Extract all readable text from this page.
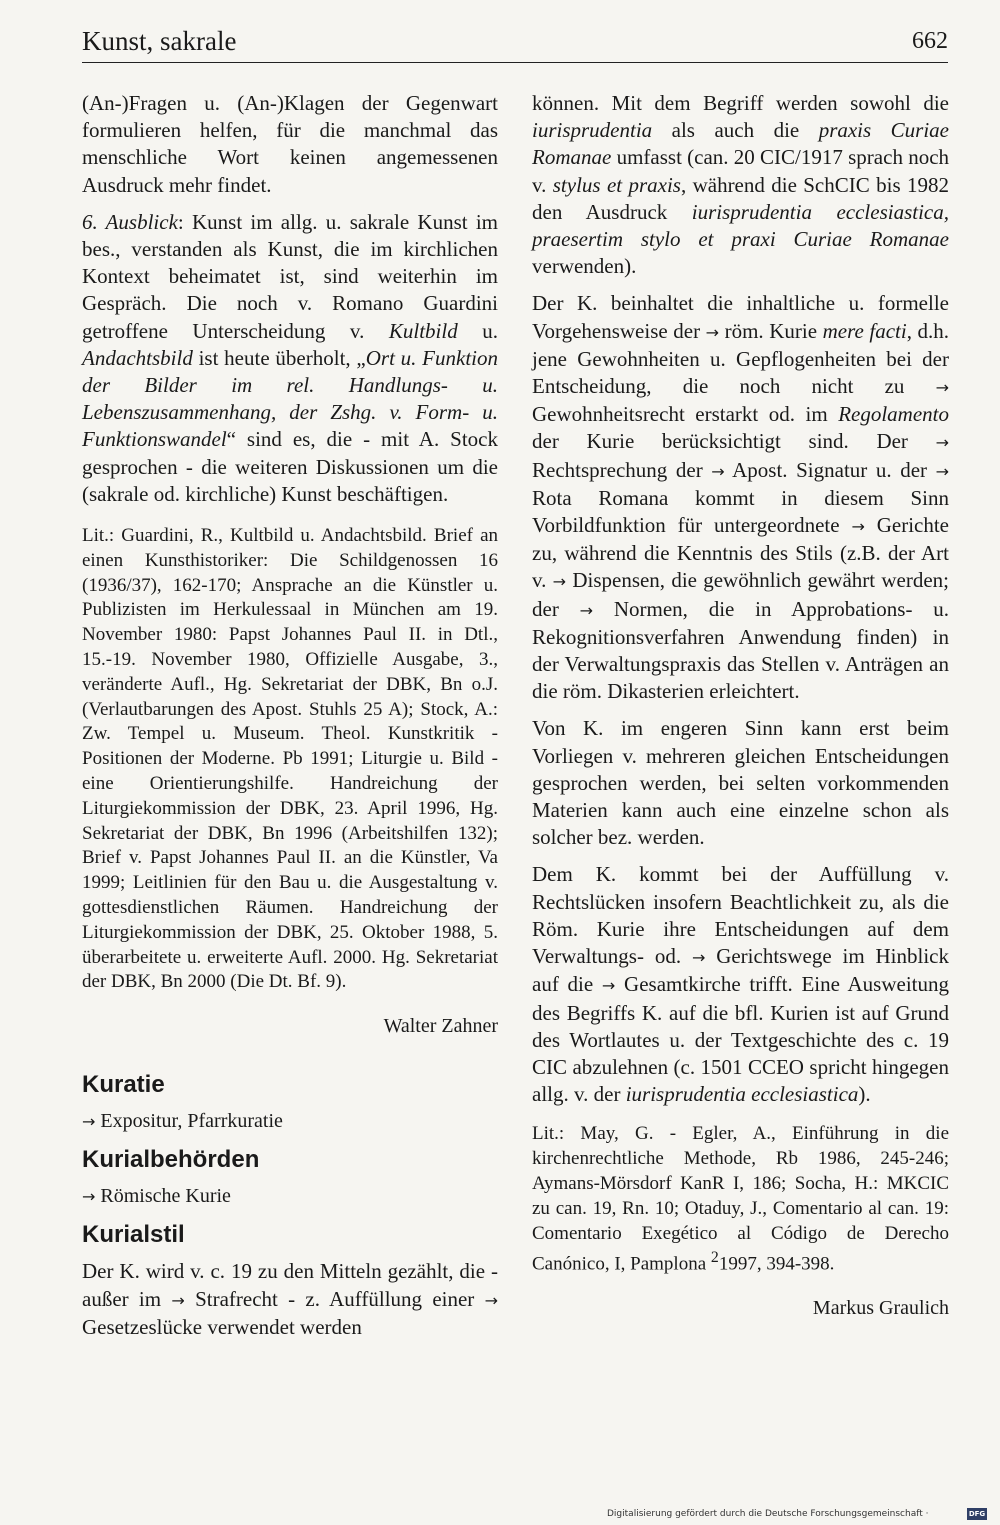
Kunst, sakrale	662

(An-)Fragen u. (An-)Klagen der Gegenwart formulieren helfen, für die manchmal das menschliche Wort keinen angemessenen Ausdruck mehr findet.

6. Ausblick: Kunst im allg. u. sakrale Kunst im bes., verstanden als Kunst, die im kirchlichen Kontext beheimatet ist, sind weiterhin im Gespräch. Die noch v. Romano Guardini getroffene Unterscheidung v. Kultbild u. Andachtsbild ist heute überholt, „Ort u. Funktion der Bilder im rel. Handlungs- u. Lebenszusammenhang, der Zshg. v. Form- u. Funktionswandel“ sind es, die - mit A. Stock gesprochen - die weiteren Diskussionen um die (sakrale od. kirchliche) Kunst beschäftigen.

Lit.: Guardini, R., Kultbild u. Andachtsbild. Brief an einen Kunsthistoriker: Die Schildgenossen 16 (1936/37), 162-170; Ansprache an die Künstler u. Publizisten im Herkulessaal in München am 19. November 1980: Papst Johannes Paul II. in Dtl., 15.-19. November 1980, Offizielle Ausgabe, 3., veränderte Aufl., Hg. Sekretariat der DBK, Bn o.J. (Verlautbarungen des Apost. Stuhls 25 A); Stock, A.: Zw. Tempel u. Museum. Theol. Kunstkritik - Positionen der Moderne. Pb 1991; Liturgie u. Bild - eine Orientierungshilfe. Handreichung der Liturgiekommission der DBK, 23. April 1996, Hg. Sekretariat der DBK, Bn 1996 (Arbeitshilfen 132); Brief v. Papst Johannes Paul II. an die Künstler, Va 1999; Leitlinien für den Bau u. die Ausgestaltung v. gottesdienstlichen Räumen. Handreichung der Liturgiekommission der DBK, 25. Oktober 1988, 5. überarbeitete u. erweiterte Aufl. 2000. Hg. Sekretariat der DBK, Bn 2000 (Die Dt. Bf. 9).

Walter Zahner
Kuratie
→ Expositur, Pfarrkuratie
Kurialbehörden
→ Römische Kurie
Kurialstil

Der K. wird v. c. 19 zu den Mitteln gezählt, die - außer im → Strafrecht - z. Auffüllung einer → Gesetzeslücke verwendet werden

können. Mit dem Begriff werden sowohl die iurisprudentia als auch die praxis Curiae Romanae umfasst (can. 20 CIC/1917 sprach noch v. stylus et praxis, während die SchCIC bis 1982 den Ausdruck iurisprudentia ecclesiastica, praesertim stylo et praxi Curiae Romanae verwenden).

Der K. beinhaltet die inhaltliche u. formelle Vorgehensweise der → röm. Kurie mere facti, d.h. jene Gewohnheiten u. Gepflogenheiten bei der Entscheidung, die noch nicht zu → Gewohnheitsrecht erstarkt od. im Regolamento der Kurie berücksichtigt sind. Der → Rechtsprechung der → Apost. Signatur u. der → Rota Romana kommt in diesem Sinn Vorbildfunktion für untergeordnete → Gerichte zu, während die Kenntnis des Stils (z.B. der Art v. → Dispensen, die gewöhnlich gewährt werden; der → Normen, die in Approbations- u. Rekognitionsverfahren Anwendung finden) in der Verwaltungspraxis das Stellen v. Anträgen an die röm. Dikasterien erleichtert.

Von K. im engeren Sinn kann erst beim Vorliegen v. mehreren gleichen Entscheidungen gesprochen werden, bei selten vorkommenden Materien kann auch eine einzelne schon als solcher bez. werden.

Dem K. kommt bei der Auffüllung v. Rechtslücken insofern Beachtlichkeit zu, als die Röm. Kurie ihre Entscheidungen auf dem Verwaltungs- od. → Gerichtswege im Hinblick auf die → Gesamtkirche trifft. Eine Ausweitung des Begriffs K. auf die bfl. Kurien ist auf Grund des Wortlautes u. der Textgeschichte des c. 19 CIC abzulehnen (c. 1501 CCEO spricht hingegen allg. v. der iurisprudentia ecclesiastica).

Lit.: May, G. - Egler, A., Einführung in die kirchenrechtliche Methode, Rb 1986, 245-246; Aymans-Mörsdorf KanR I, 186; Socha, H.: MKCIC zu can. 19, Rn. 10; Otaduy, J., Comentario al can. 19: Comentario Exegético al Código de Derecho Canónico, I, Pamplona $^2$1997, 394-398.

Markus Graulich
Digitalisierung gefördert durch die Deutsche Forschungsgemeinschaft ·	DFG
